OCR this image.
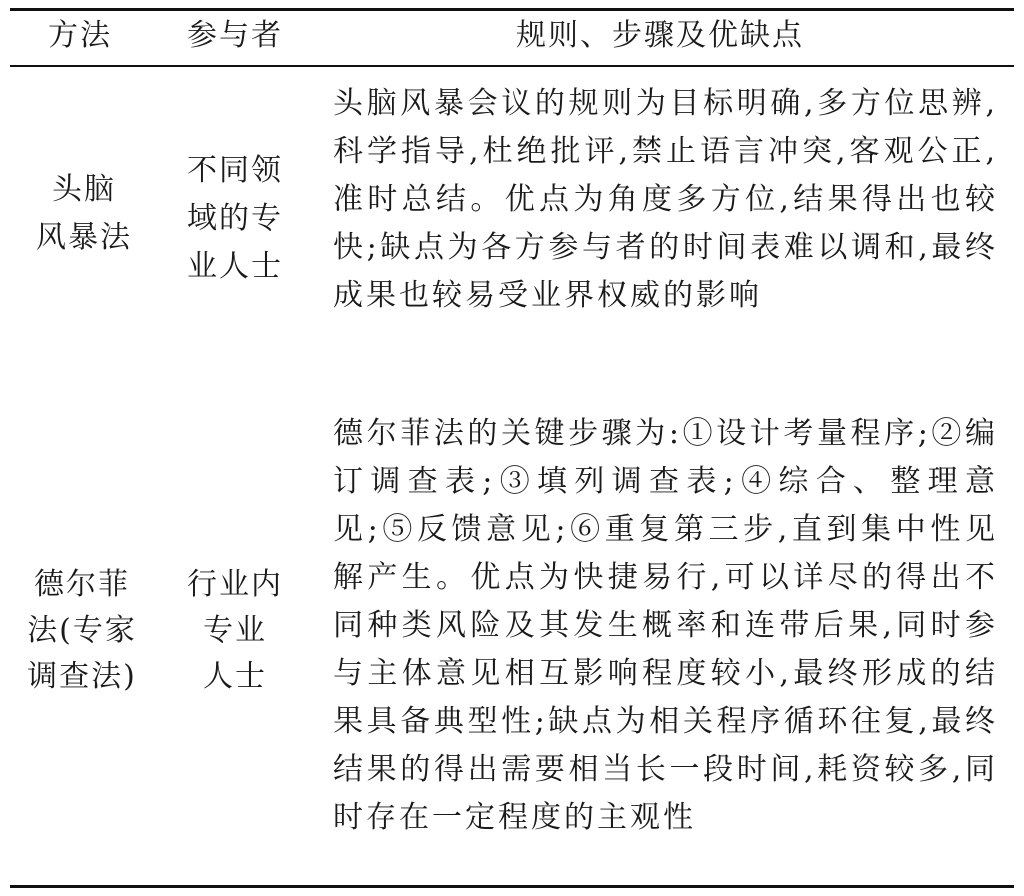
方法	参与者	规则、步骤及优缺点
头脑
风暴法
不同领
域的专
业人士
头脑风暴会议的规则为目标明确,多方位思辨,科学指导,杜绝批评,禁止语言冲突,客观公正,准时总结。优点为角度多方位,结果得出也较快;缺点为各方参与者的时间表难以调和,最终成果也较易受业界权威的影响
德尔菲
法(专家
调查法)
行业内
专业
人士
德尔菲法的关键步骤为:①设计考量程序;②编订调查表;③填列调查表;④综合、整理意见;⑤反馈意见;⑥重复第三步,直到集中性见解产生。优点为快捷易行,可以详尽的得出不同种类风险及其发生概率和连带后果,同时参与主体意见相互影响程度较小,最终形成的结果具备典型性;缺点为相关程序循环往复,最终结果的得出需要相当长一段时间,耗资较多,同时存在一定程度的主观性
